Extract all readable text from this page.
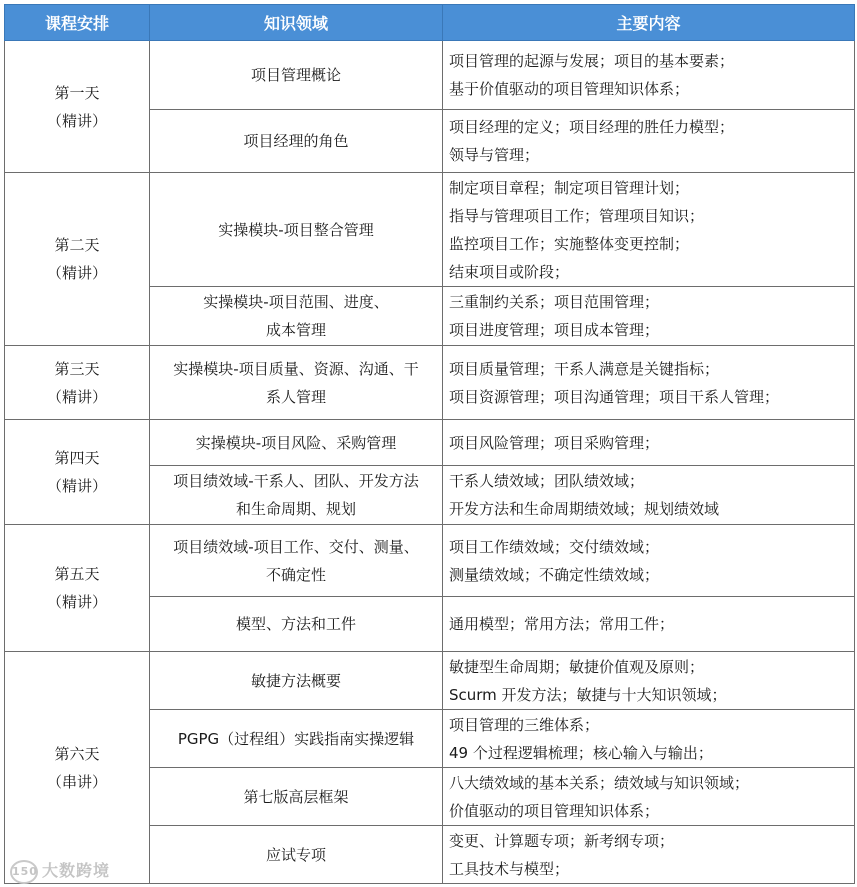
课程安排	知识领域	主要内容

第一天
（精讲）	项目管理概论	项目管理的起源与发展；项目的基本要素；
基于价值驱动的项目管理知识体系；

	项目经理的角色	项目经理的定义；项目经理的胜任力模型；
领导与管理；

第二天
（精讲）	实操模块-项目整合管理	制定项目章程；制定项目管理计划；
指导与管理项目工作；管理项目知识；
监控项目工作；实施整体变更控制；
结束项目或阶段；

	实操模块-项目范围、进度、
成本管理	三重制约关系；项目范围管理；
项目进度管理；项目成本管理；

第三天
（精讲）	实操模块-项目质量、资源、沟通、干
系人管理	项目质量管理；干系人满意是关键指标；
项目资源管理；项目沟通管理；项目干系人管理；

第四天
（精讲）	实操模块-项目风险、采购管理	项目风险管理；项目采购管理；

	项目绩效域-干系人、团队、开发方法
和生命周期、规划	干系人绩效域；团队绩效域；
开发方法和生命周期绩效域；规划绩效域

第五天
（精讲）	项目绩效域-项目工作、交付、测量、
不确定性	项目工作绩效域；交付绩效域；
测量绩效域；不确定性绩效域；

	模型、方法和工件	通用模型；常用方法；常用工件；

第六天
（串讲）	敏捷方法概要	敏捷型生命周期；敏捷价值观及原则；
Scurm 开发方法；敏捷与十大知识领域；

	PGPG（过程组）实践指南实操逻辑	项目管理的三维体系；
49 个过程逻辑梳理；核心输入与输出；

	第七版高层框架	八大绩效域的基本关系；绩效域与知识领域；
价值驱动的项目管理知识体系；

	应试专项	变更、计算题专项；新考纲专项；
工具技术与模型；
150 大数跨境
